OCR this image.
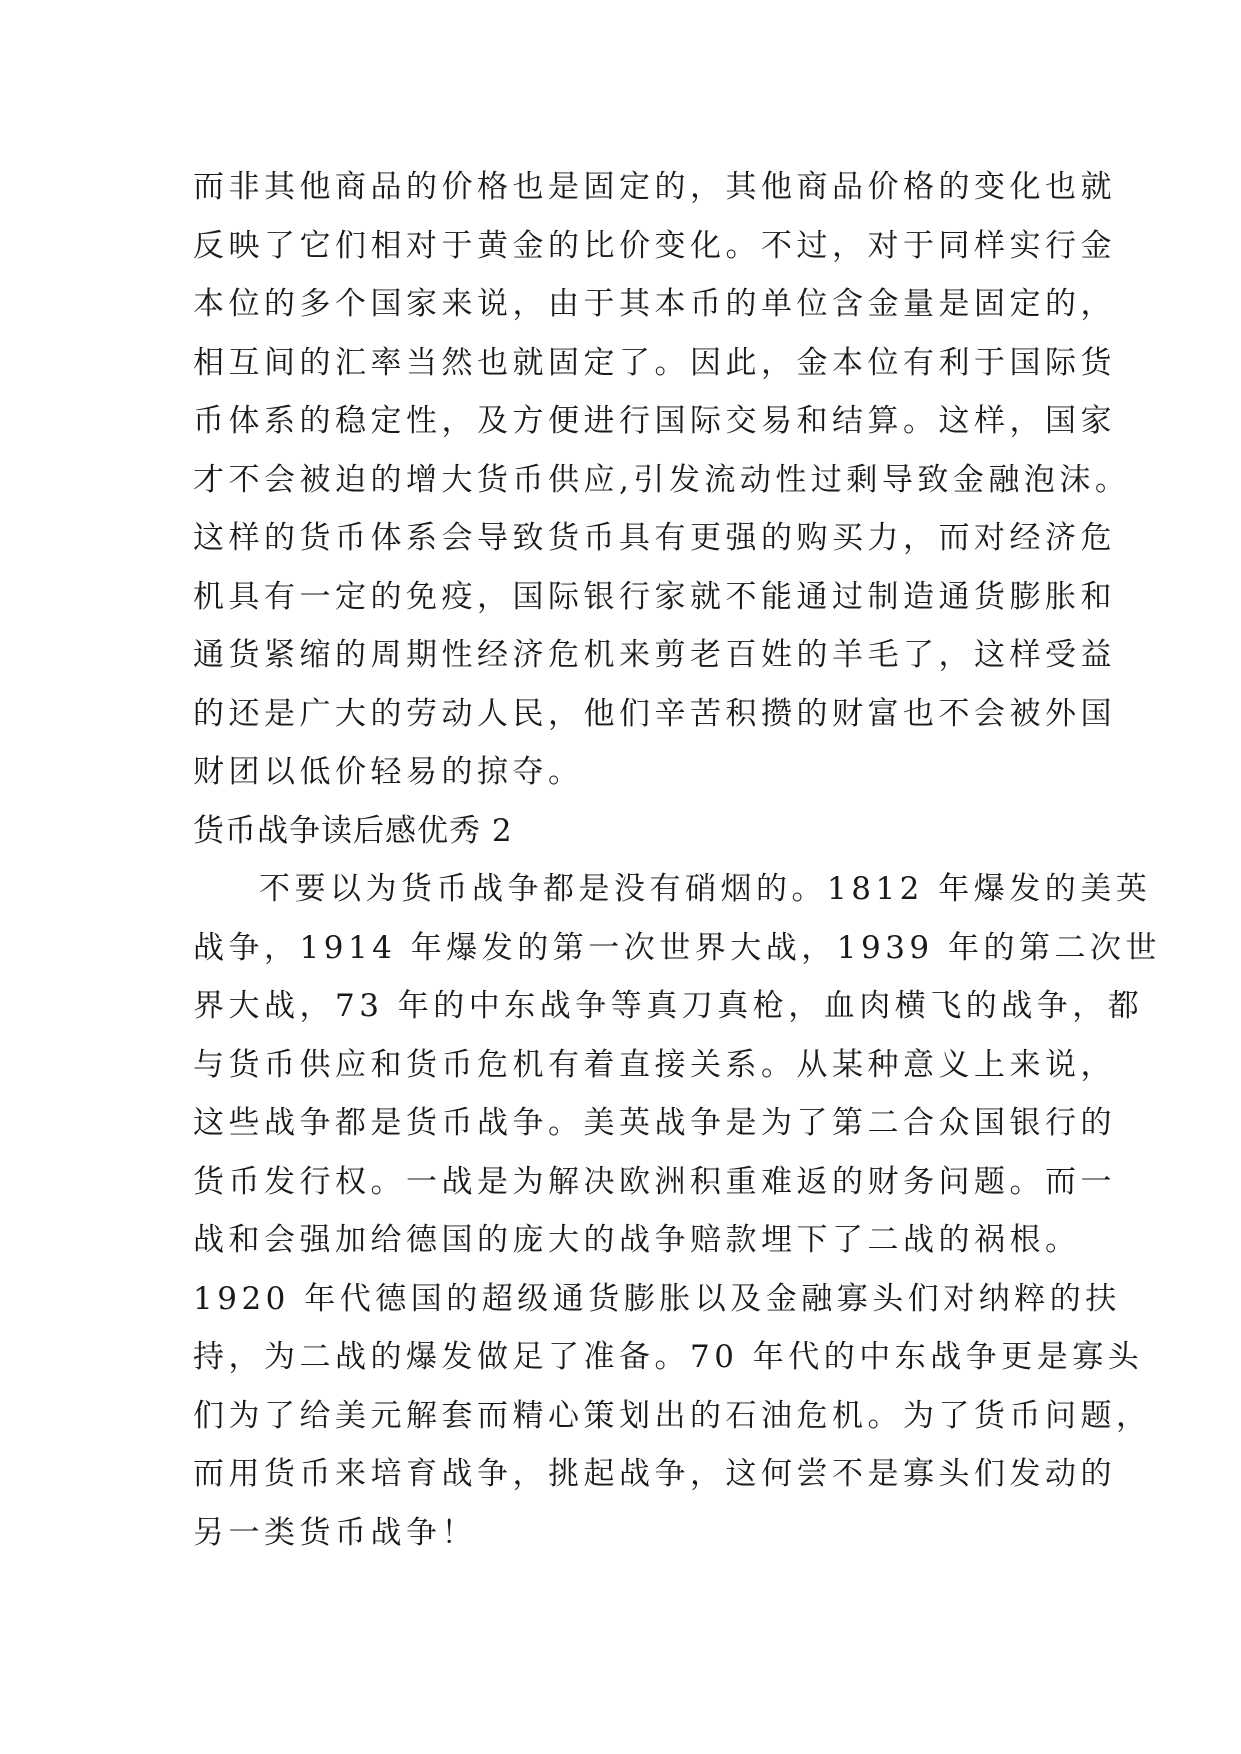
而非其他商品的价格也是固定的，其他商品价格的变化也就
反映了它们相对于黄金的比价变化。不过，对于同样实行金
本位的多个国家来说，由于其本币的单位含金量是固定的，
相互间的汇率当然也就固定了。因此，金本位有利于国际货
币体系的稳定性，及方便进行国际交易和结算。这样，国家
才不会被迫的增大货币供应,引发流动性过剩导致金融泡沫。
这样的货币体系会导致货币具有更强的购买力，而对经济危
机具有一定的免疫，国际银行家就不能通过制造通货膨胀和
通货紧缩的周期性经济危机来剪老百姓的羊毛了，这样受益
的还是广大的劳动人民，他们辛苦积攒的财富也不会被外国
财团以低价轻易的掠夺。
货币战争读后感优秀 2
不要以为货币战争都是没有硝烟的。1812 年爆发的美英
战争，1914 年爆发的第一次世界大战，1939 年的第二次世
界大战，73 年的中东战争等真刀真枪，血肉横飞的战争，都
与货币供应和货币危机有着直接关系。从某种意义上来说，
这些战争都是货币战争。美英战争是为了第二合众国银行的
货币发行权。一战是为解决欧洲积重难返的财务问题。而一
战和会强加给德国的庞大的战争赔款埋下了二战的祸根。
1920 年代德国的超级通货膨胀以及金融寡头们对纳粹的扶
持，为二战的爆发做足了准备。70 年代的中东战争更是寡头
们为了给美元解套而精心策划出的石油危机。为了货币问题，
而用货币来培育战争，挑起战争，这何尝不是寡头们发动的
另一类货币战争！
